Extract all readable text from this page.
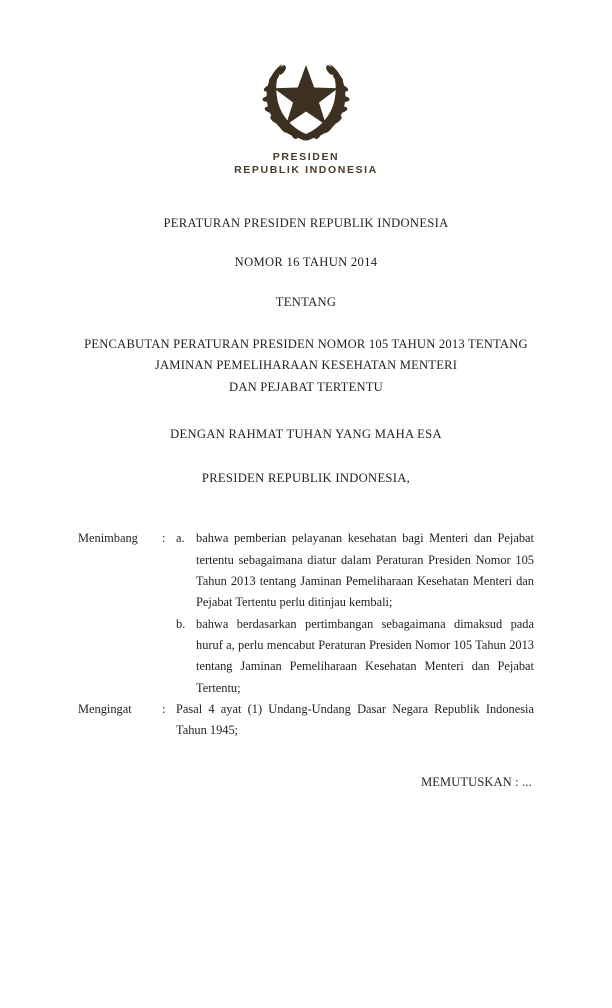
PRESIDEN
REPUBLIK INDONESIA
PERATURAN PRESIDEN REPUBLIK INDONESIA
NOMOR 16 TAHUN 2014
TENTANG
PENCABUTAN PERATURAN PRESIDEN NOMOR 105 TAHUN 2013 TENTANG
JAMINAN PEMELIHARAAN KESEHATAN MENTERI
DAN PEJABAT TERTENTU
DENGAN RAHMAT TUHAN YANG MAHA ESA
PRESIDEN REPUBLIK INDONESIA,
Menimbang	: a. bahwa pemberian pelayanan kesehatan bagi Menteri dan Pejabat tertentu sebagaimana diatur dalam Peraturan Presiden Nomor 105 Tahun 2013 tentang Jaminan Pemeliharaan Kesehatan Menteri dan Pejabat Tertentu perlu ditinjau kembali;
b. bahwa berdasarkan pertimbangan sebagaimana dimaksud pada huruf a, perlu mencabut Peraturan Presiden Nomor 105 Tahun 2013 tentang Jaminan Pemeliharaan Kesehatan Menteri dan Pejabat Tertentu;
Mengingat	: Pasal 4 ayat (1) Undang-Undang Dasar Negara Republik Indonesia Tahun 1945;
MEMUTUSKAN : ...
